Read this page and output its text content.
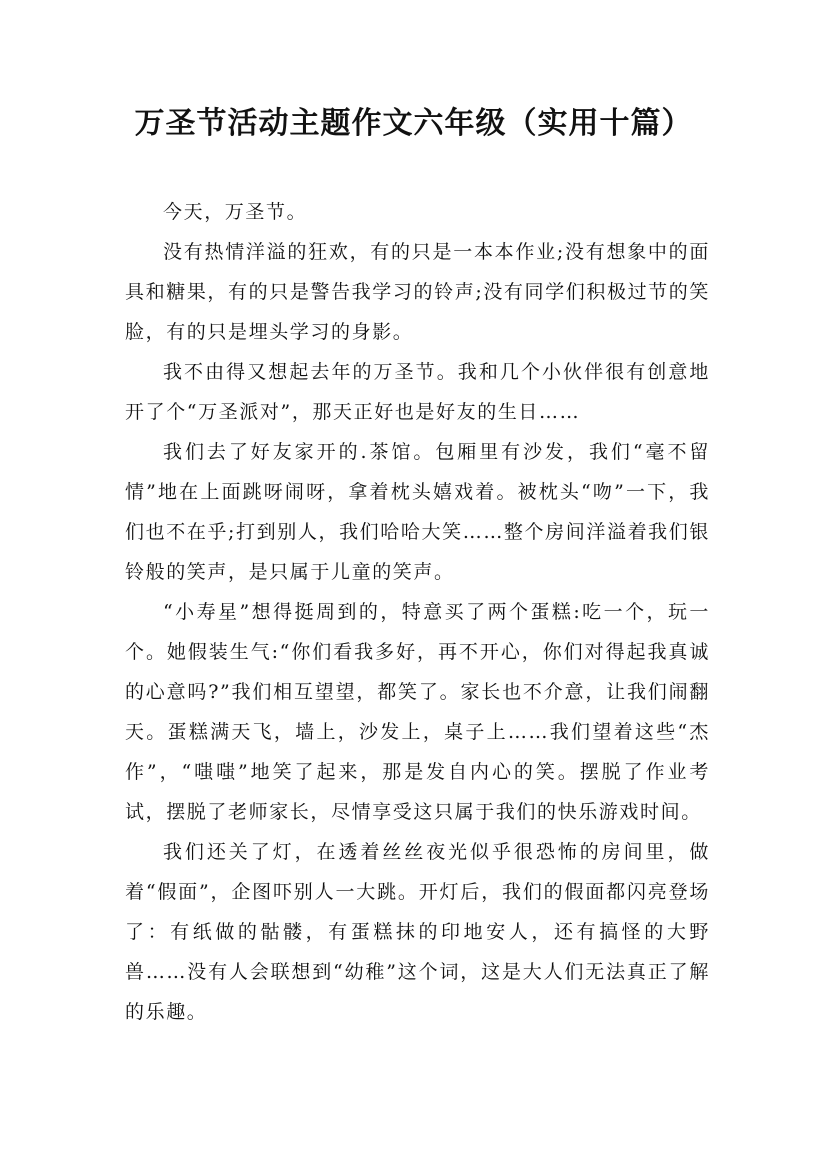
万圣节活动主题作文六年级（实用十篇）

今天，万圣节。

没有热情洋溢的狂欢，有的只是一本本作业;没有想象中的面具和糖果，有的只是警告我学习的铃声;没有同学们积极过节的笑脸，有的只是埋头学习的身影。

我不由得又想起去年的万圣节。我和几个小伙伴很有创意地开了个“万圣派对”，那天正好也是好友的生日……

我们去了好友家开的.茶馆。包厢里有沙发，我们“毫不留情”地在上面跳呀闹呀，拿着枕头嬉戏着。被枕头“吻”一下，我们也不在乎;打到别人，我们哈哈大笑……整个房间洋溢着我们银铃般的笑声，是只属于儿童的笑声。

“小寿星”想得挺周到的，特意买了两个蛋糕:吃一个，玩一个。她假装生气:“你们看我多好，再不开心，你们对得起我真诚的心意吗?”我们相互望望，都笑了。家长也不介意，让我们闹翻天。蛋糕满天飞，墙上，沙发上，桌子上……我们望着这些“杰作”，“嗤嗤”地笑了起来，那是发自内心的笑。摆脱了作业考试，摆脱了老师家长，尽情享受这只属于我们的快乐游戏时间。

我们还关了灯，在透着丝丝夜光似乎很恐怖的房间里，做着“假面”，企图吓别人一大跳。开灯后，我们的假面都闪亮登场了：有纸做的骷髅，有蛋糕抹的印地安人，还有搞怪的大野兽……没有人会联想到“幼稚”这个词，这是大人们无法真正了解的乐趣。
